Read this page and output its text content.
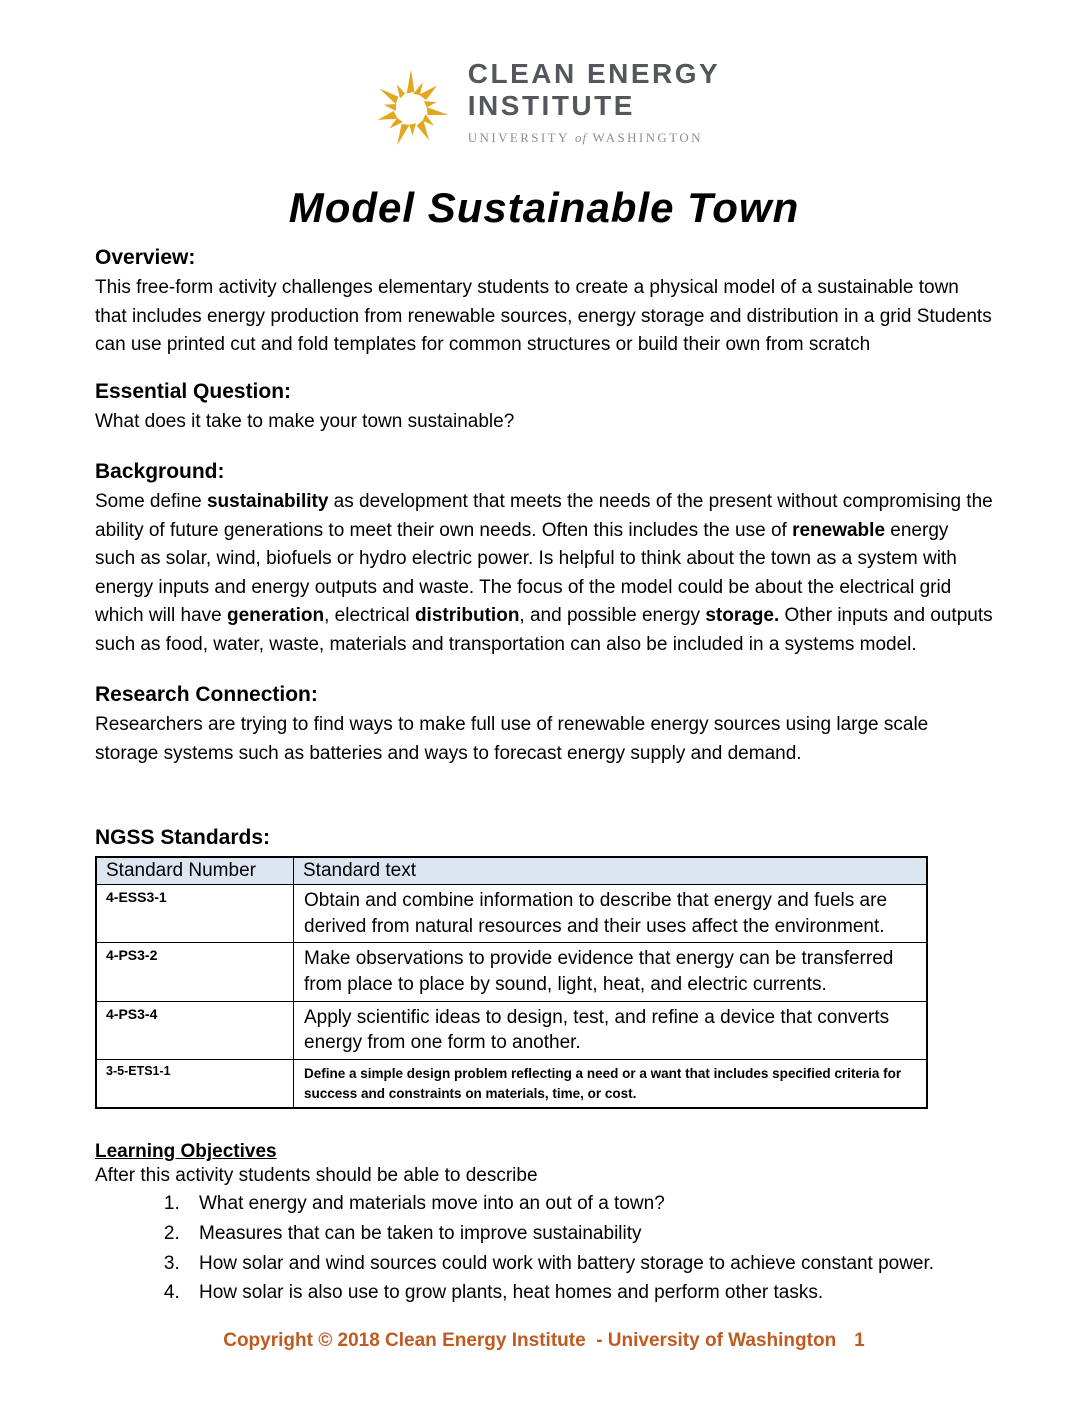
CLEAN ENERGY
INSTITUTE
UNIVERSITY of WASHINGTON
Model Sustainable Town
Overview:

This free-form activity challenges elementary students to create a physical model of a sustainable town that includes energy production from renewable sources, energy storage and distribution in a grid Students can use printed cut and fold templates for common structures or build their own from scratch

Essential Question:

What does it take to make your town sustainable?

Background:

Some define sustainability as development that meets the needs of the present without compromising the ability of future generations to meet their own needs. Often this includes the use of renewable energy such as solar, wind, biofuels or hydro electric power. Is helpful to think about the town as a system with energy inputs and energy outputs and waste. The focus of the model could be about the electrical grid which will have generation, electrical distribution, and possible energy storage. Other inputs and outputs such as food, water, waste, materials and transportation can also be included in a systems model.

Research Connection:

Researchers are trying to find ways to make full use of renewable energy sources using large scale storage systems such as batteries and ways to forecast energy supply and demand.

NGSS Standards:
Standard Number	Standard text
4-ESS3-1	Obtain and combine information to describe that energy and fuels are derived from natural resources and their uses affect the environment.
4-PS3-2	Make observations to provide evidence that energy can be transferred from place to place by sound, light, heat, and electric currents.
4-PS3-4	Apply scientific ideas to design, test, and refine a device that converts energy from one form to another.
3-5-ETS1-1	Define a simple design problem reflecting a need or a want that includes specified criteria for success and constraints on materials, time, or cost.
Learning Objectives

After this activity students should be able to describe

1. What energy and materials move into an out of a town?
2. Measures that can be taken to improve sustainability
3. How solar and wind sources could work with battery storage to achieve constant power.
4. How solar is also use to grow plants, heat homes and perform other tasks.
Copyright © 2018 Clean Energy Institute  - University of Washington 1
